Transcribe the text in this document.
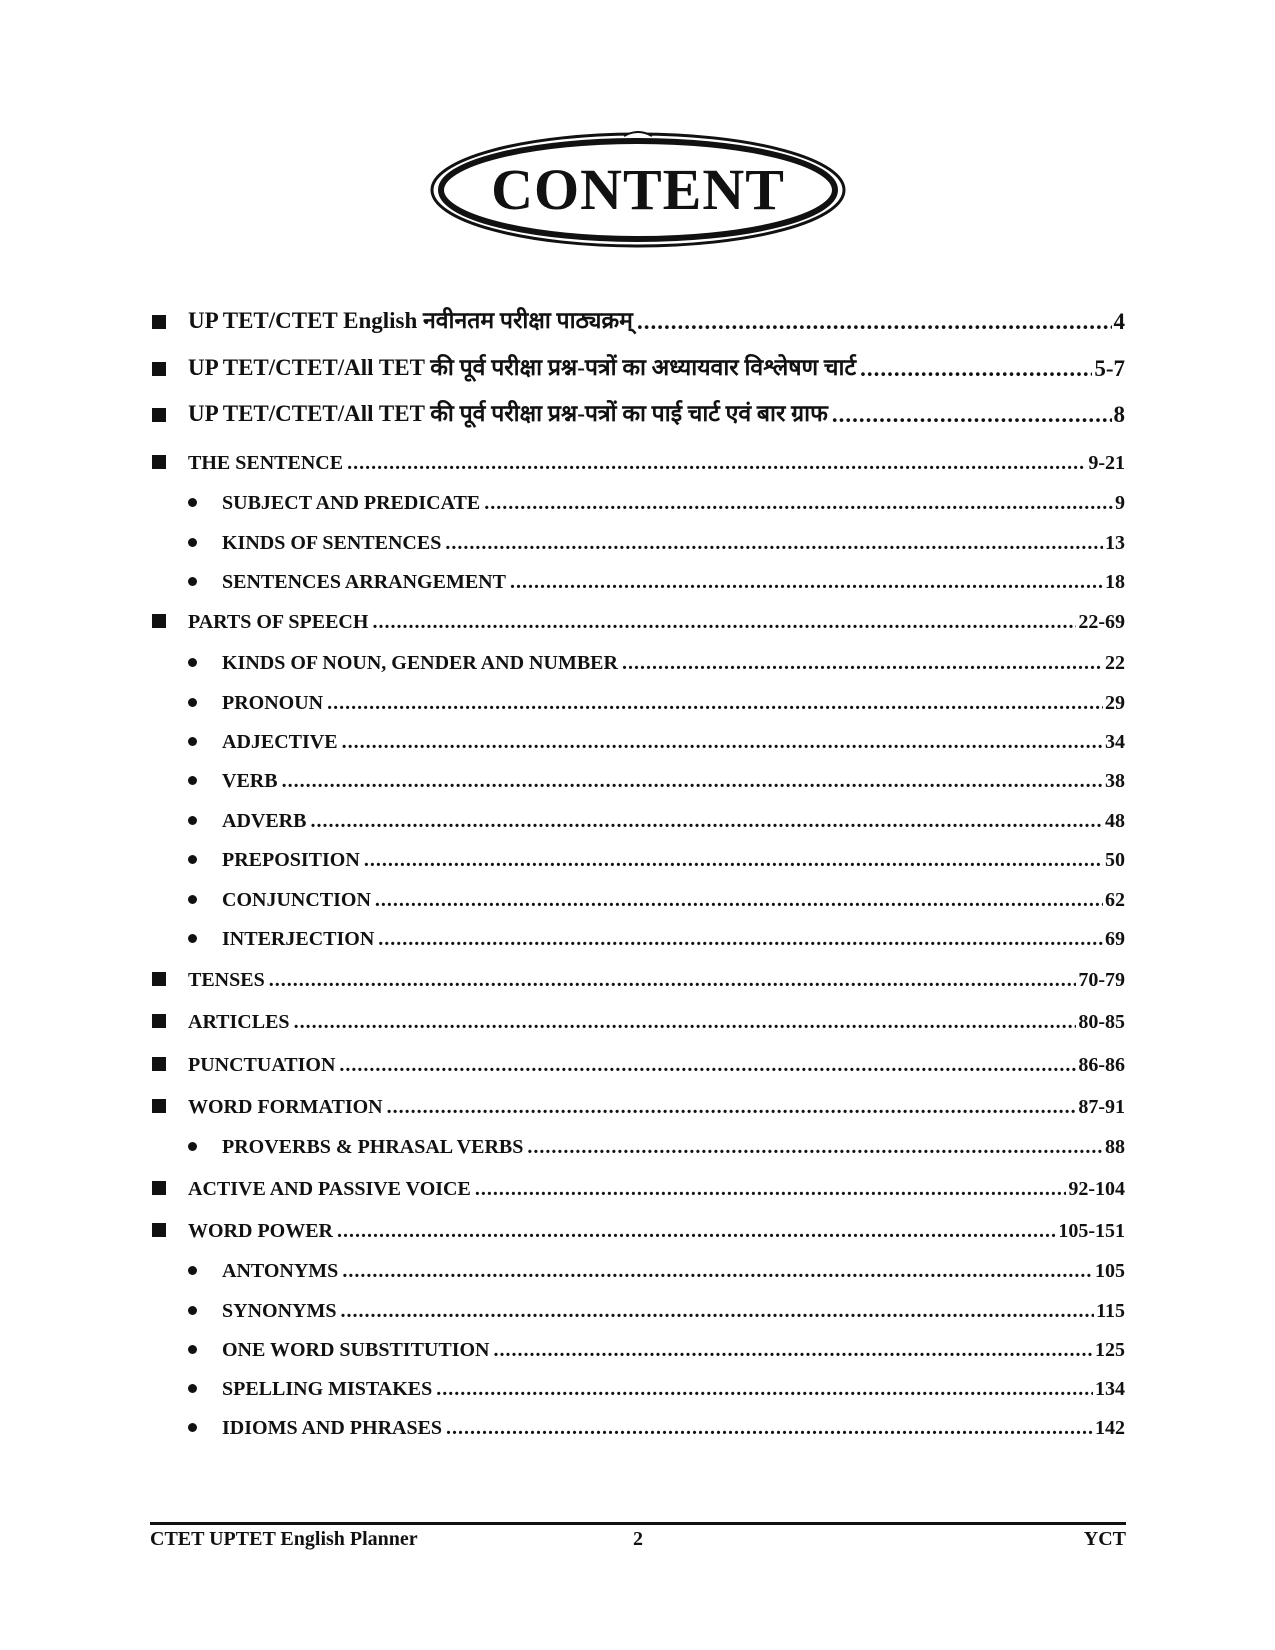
CONTENT
UP TET/CTET English नवीनतम परीक्षा पाठ्यक्रम् .....	4
UP TET/CTET/All TET की पूर्व परीक्षा प्रश्न-पत्रों का अध्यायवार विश्लेषण चार्ट .....	5-7
UP TET/CTET/All TET की पूर्व परीक्षा प्रश्न-पत्रों का पाई चार्ट एवं बार ग्राफ .....	8
THE SENTENCE .....	9-21
SUBJECT AND PREDICATE .....	9
KINDS OF SENTENCES .....	13
SENTENCES ARRANGEMENT .....	18
PARTS OF SPEECH .....	22-69
KINDS OF NOUN, GENDER AND NUMBER .....	22
PRONOUN .....	29
ADJECTIVE .....	34
VERB .....	38
ADVERB .....	48
PREPOSITION .....	50
CONJUNCTION .....	62
INTERJECTION .....	69
TENSES .....	70-79
ARTICLES .....	80-85
PUNCTUATION .....	86-86
WORD FORMATION .....	87-91
PROVERBS & PHRASAL VERBS .....	88
ACTIVE AND PASSIVE VOICE .....	92-104
WORD POWER .....	105-151
ANTONYMS .....	105
SYNONYMS .....	115
ONE WORD SUBSTITUTION .....	125
SPELLING MISTAKES .....	134
IDIOMS AND PHRASES .....	142
CTET UPTET English Planner	2	YCT
